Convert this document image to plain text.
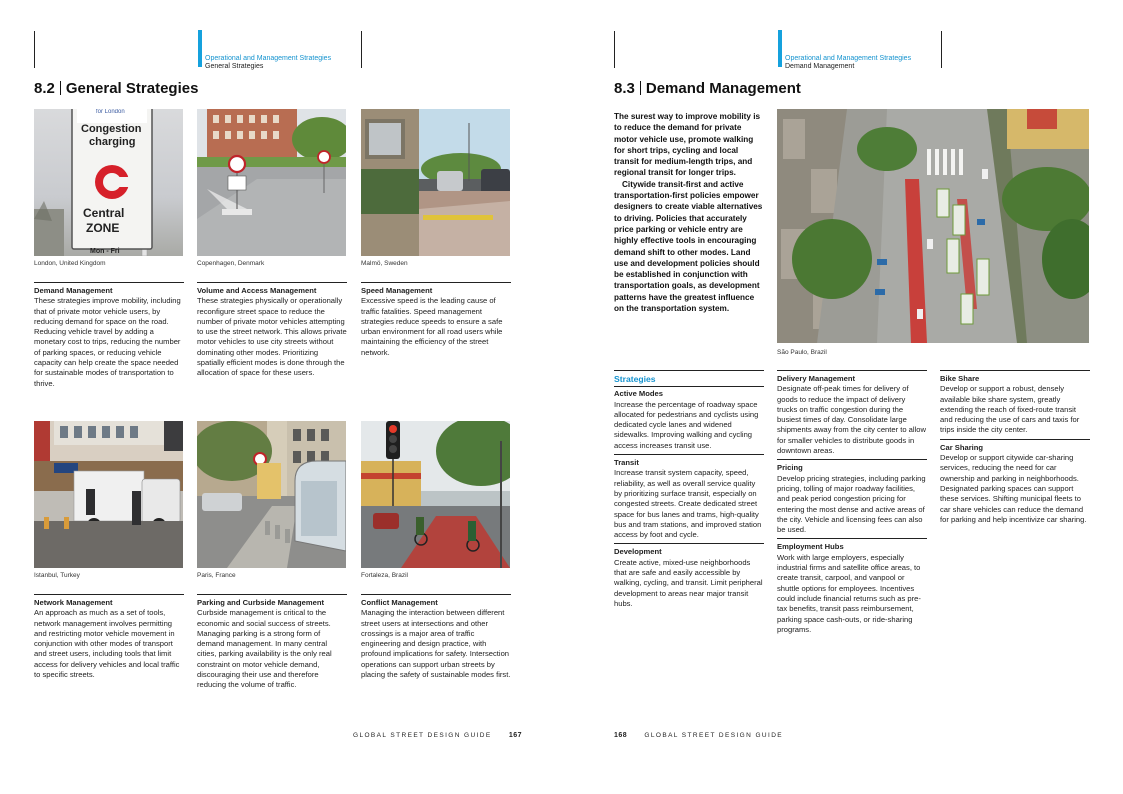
Operational and Management Strategies
General Strategies
8.2 General Strategies
for London
Congestion
charging
Central
ZONE
Mon - Fri
London, United Kingdom	Copenhagen, Denmark	Malmö, Sweden
Demand Management
These strategies improve mobility, including that of private motor vehicle users, by reducing demand for space on the road. Reducing vehicle travel by adding a monetary cost to trips, reducing the number of parking spaces, or reducing vehicle capacity can help create the space needed for sustainable modes of transportation to thrive.
Volume and Access Management
These strategies physically or operationally reconfigure street space to reduce the number of private motor vehicles attempting to use the street network. This allows private motor vehicles to use city streets without dominating other modes. Prioritizing spatially efficient modes is done through the allocation of space for these users.
Speed Management
Excessive speed is the leading cause of traffic fatalities. Speed management strategies reduce speeds to ensure a safe urban environment for all road users while maintaining the efficiency of the street network.
Istanbul, Turkey	Paris, France	Fortaleza, Brazil
Network Management
An approach as much as a set of tools, network management involves permitting and restricting motor vehicle movement in conjunction with other modes of transport and street users, including tools that limit access for delivery vehicles and local traffic to specific streets.
Parking and Curbside Management
Curbside management is critical to the economic and social success of streets. Managing parking is a strong form of demand management. In many central cities, parking availability is the only real constraint on motor vehicle demand, discouraging their use and therefore reducing the volume of traffic.
Conflict Management
Managing the interaction between different street users at intersections and other crossings is a major area of traffic engineering and design practice, with profound implications for safety. Intersection operations can support urban streets by placing the safety of sustainable modes first.
GLOBAL STREET DESIGN GUIDE 167
Operational and Management Strategies
Demand Management
8.3 Demand Management

The surest way to improve mobility is to reduce the demand for private motor vehicle use, promote walking for short trips, cycling and local transit for medium-length trips, and regional transit for longer trips.

Citywide transit-first and active transportation-first policies empower designers to create viable alternatives to driving. Policies that accurately price parking or vehicle entry are highly effective tools in encouraging demand shift to other modes. Land use and development policies should be established in conjunction with transportation goals, as development patterns have the greatest influence on the transportation system.

São Paulo, Brazil
Strategies
Active Modes
Increase the percentage of roadway space allocated for pedestrians and cyclists using dedicated cycle lanes and widened sidewalks. Improving walking and cycling access increases transit use.
Transit
Increase transit system capacity, speed, reliability, as well as overall service quality by prioritizing surface transit, especially on congested streets. Create dedicated street space for bus lanes and trams, high-quality bus and tram stations, and improved station access by foot and cycle.
Development
Create active, mixed-use neighborhoods that are safe and easily accessible by walking, cycling, and transit. Limit peripheral development to areas near major transit hubs.
Delivery Management
Designate off-peak times for delivery of goods to reduce the impact of delivery trucks on traffic congestion during the busiest times of day. Consolidate large shipments away from the city center to allow for smaller vehicles to distribute goods in downtown areas.
Pricing
Develop pricing strategies, including parking pricing, tolling of major roadway facilities, and peak period congestion pricing for entering the most dense and active areas of the city. Vehicle and licensing fees can also be used.
Employment Hubs
Work with large employers, especially industrial firms and satellite office areas, to create transit, carpool, and vanpool or shuttle options for employees. Incentives could include financial returns such as pre-tax benefits, transit pass reimbursement, parking space cash-outs, or ride-sharing programs.
Bike Share
Develop or support a robust, densely available bike share system, greatly extending the reach of fixed-route transit and reducing the use of cars and taxis for trips inside the city center.
Car Sharing
Develop or support citywide car-sharing services, reducing the need for car ownership and parking in neighborhoods. Designated parking spaces can support these services. Shifting municipal fleets to car share vehicles can reduce the demand for parking and help incentivize car sharing.
168	GLOBAL STREET DESIGN GUIDE
